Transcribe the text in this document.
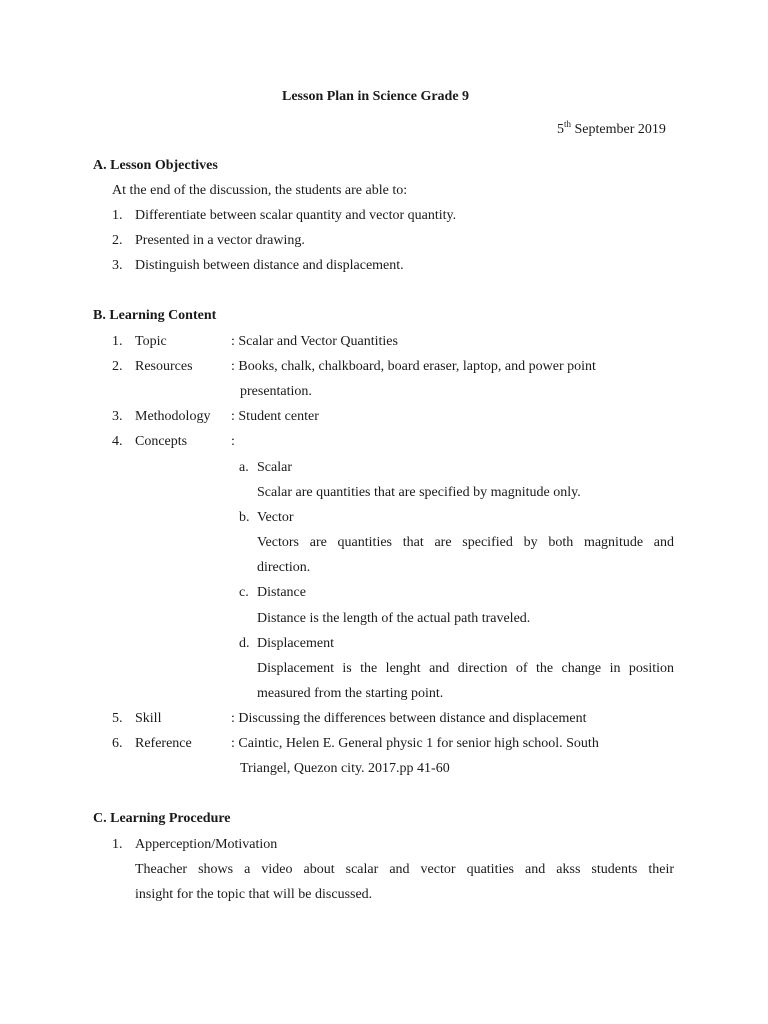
Lesson Plan in Science Grade 9
5th September 2019
A. Lesson Objectives
At the end of the discussion, the students are able to:
1. Differentiate between scalar quantity and vector quantity.
2. Presented in a vector drawing.
3. Distinguish between distance and displacement.
B. Learning Content
1. Topic	: Scalar and Vector Quantities
2. Resources	: Books, chalk, chalkboard, board eraser, laptop, and power point
presentation.
3. Methodology : Student center
4. Concepts	:
a. Scalar
Scalar are quantities that are specified by magnitude only.
b. Vector
Vectors are quantities that are specified by both magnitude and
direction.
c. Distance
Distance is the length of the actual path traveled.
d. Displacement
Displacement is the lenght and direction of the change in position
measured from the starting point.
5. Skill	: Discussing the differences between distance and displacement
6. Reference	: Caintic, Helen E. General physic 1 for senior high school. South
Triangel, Quezon city. 2017.pp 41-60
C. Learning Procedure
1. Apperception/Motivation
Theacher shows a video about scalar and vector quatities and akss students their
insight for the topic that will be discussed.
